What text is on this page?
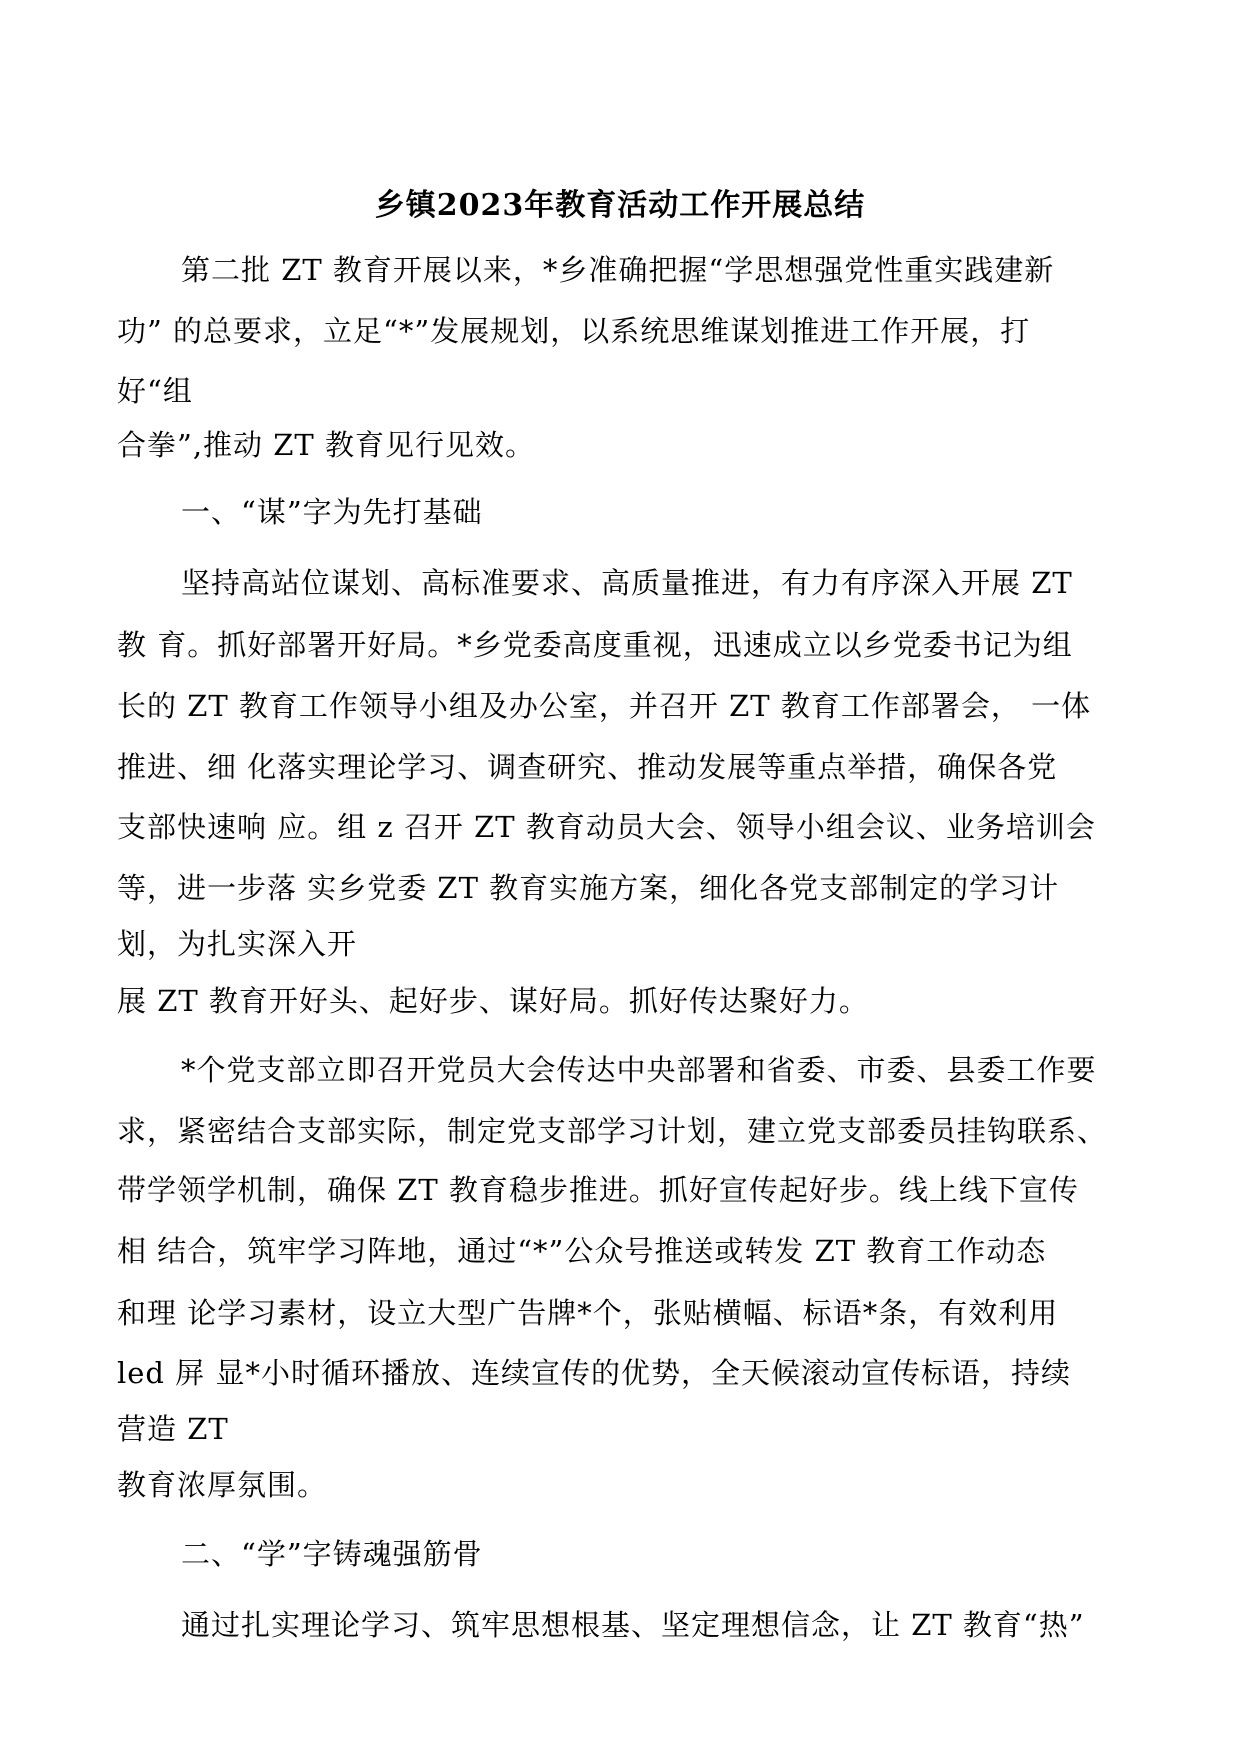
乡镇2023年教育活动工作开展总结
第二批 ZT 教育开展以来，*乡准确把握“学思想强党性重实践建新
功” 的总要求，立足“*”发展规划，以系统思维谋划推进工作开展，打
好“组
合拳”,推动 ZT 教育见行见效。
一、“谋”字为先打基础
坚持高站位谋划、高标准要求、高质量推进，有力有序深入开展 ZT
教 育。抓好部署开好局。*乡党委高度重视，迅速成立以乡党委书记为组
长的 ZT 教育工作领导小组及办公室，并召开 ZT 教育工作部署会， 一体
推进、细 化落实理论学习、调查研究、推动发展等重点举措，确保各党
支部快速响 应。组 z 召开 ZT 教育动员大会、领导小组会议、业务培训会
等，进一步落 实乡党委 ZT 教育实施方案，细化各党支部制定的学习计
划，为扎实深入开
展 ZT 教育开好头、起好步、谋好局。抓好传达聚好力。
*个党支部立即召开党员大会传达中央部署和省委、市委、县委工作要
求，紧密结合支部实际，制定党支部学习计划，建立党支部委员挂钩联系、
带学领学机制，确保 ZT 教育稳步推进。抓好宣传起好步。线上线下宣传
相 结合，筑牢学习阵地，通过“*”公众号推送或转发 ZT 教育工作动态
和理 论学习素材，设立大型广告牌*个，张贴横幅、标语*条，有效利用
led 屏 显*小时循环播放、连续宣传的优势，全天候滚动宣传标语，持续
营造 ZT
教育浓厚氛围。
二、“学”字铸魂强筋骨
通过扎实理论学习、筑牢思想根基、坚定理想信念，让 ZT 教育“热”
